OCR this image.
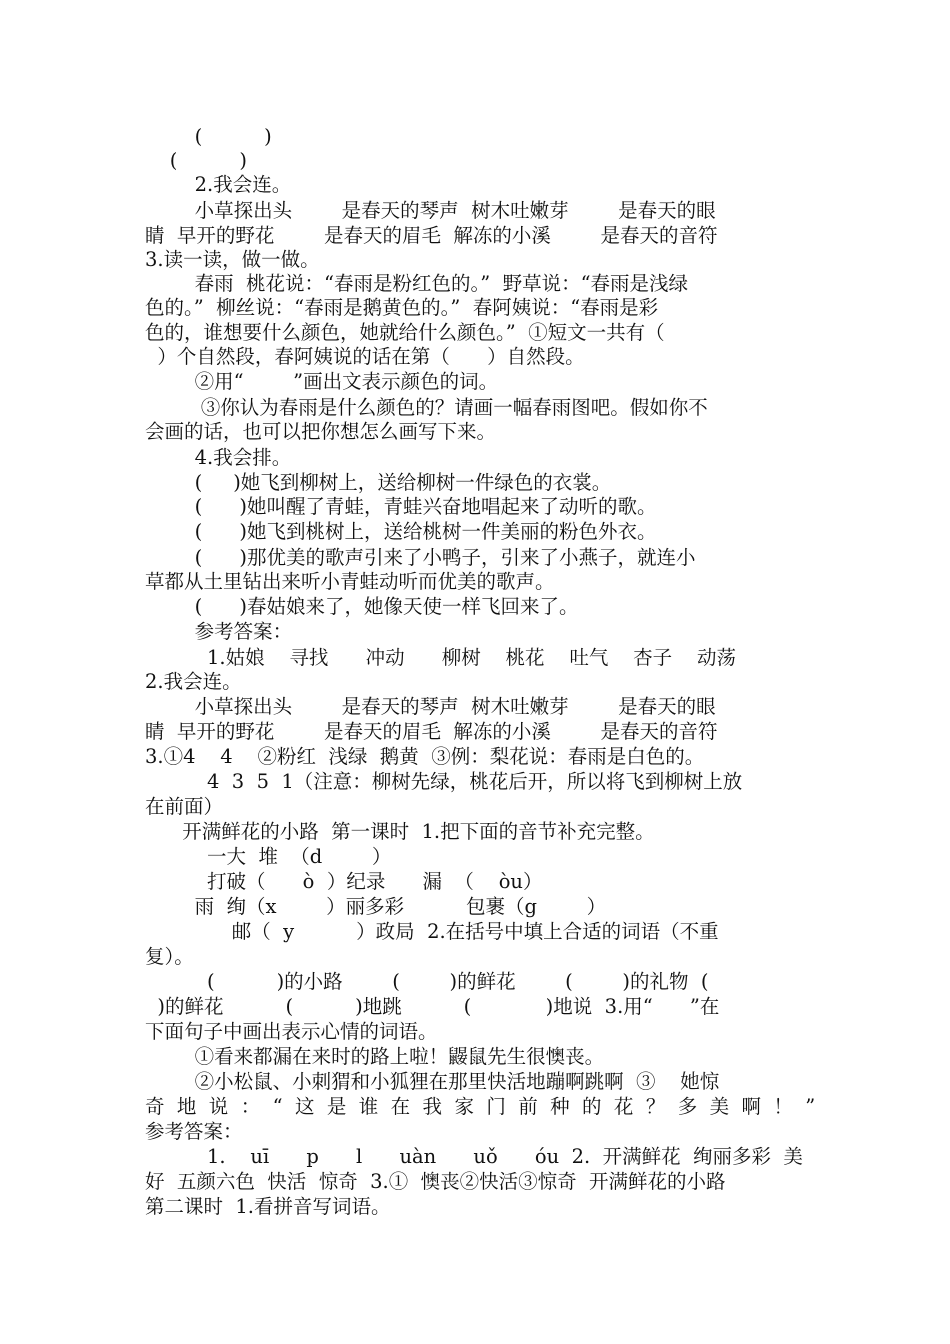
(          )
(          )
2.我会连。
小草探出头        是春天的琴声  树木吐嫩芽        是春天的眼
睛  早开的野花        是春天的眉毛  解冻的小溪        是春天的音符
3.读一读，做一做。
春雨  桃花说：“春雨是粉红色的。”  野草说：“春雨是浅绿
色的。”  柳丝说：“春雨是鹅黄色的。”  春阿姨说：“春雨是彩
色的，谁想要什么颜色，她就给什么颜色。”  ①短文一共有（
）个自然段，春阿姨说的话在第（      ）自然段。
②用“        ”画出文表示颜色的词。
③你认为春雨是什么颜色的？请画一幅春雨图吧。假如你不
会画的话，也可以把你想怎么画写下来。
4.我会排。
(     )她飞到柳树上，送给柳树一件绿色的衣裳。
(      )她叫醒了青蛙，青蛙兴奋地唱起来了动听的歌。
(      )她飞到桃树上，送给桃树一件美丽的粉色外衣。
(      )那优美的歌声引来了小鸭子，引来了小燕子，就连小
草都从土里钻出来听小青蛙动听而优美的歌声。
(      )春姑娘来了，她像天使一样飞回来了。
参考答案：
1.姑娘    寻找      冲动      柳树    桃花    吐气    杏子    动荡
2.我会连。
小草探出头        是春天的琴声  树木吐嫩芽        是春天的眼
睛  早开的野花        是春天的眉毛  解冻的小溪        是春天的音符
3.①4    4    ②粉红  浅绿  鹅黄  ③例：梨花说：春雨是白色的。
4  3  5  1（注意：柳树先绿，桃花后开，所以将飞到柳树上放
在前面）
开满鲜花的小路  第一课时  1.把下面的音节补充完整。
一大  堆  （d        ）
打破（      ò  ）纪录      漏  （    òu）
雨  绚（x        ）丽多彩          包裹（g        ）
邮（  y          ）政局  2.在括号中填上合适的词语（不重
复）。
(          )的小路        (        )的鲜花        (        )的礼物  (
)的鲜花          (          )地跳          (            )地说  3.用“      ”在
下面句子中画出表示心情的词语。
①看来都漏在来时的路上啦！鼹鼠先生很懊丧。
②小松鼠、小刺猬和小狐狸在那里快活地蹦啊跳啊  ③    她惊
奇  地  说  ：  “  这  是  谁  在  我  家  门  前  种  的  花  ？  多  美  啊  ！  ”
参考答案：
1.    uī      p      l      uàn      uǒ      óu  2.  开满鲜花  绚丽多彩  美
好  五颜六色  快活  惊奇  3.①  懊丧②快活③惊奇  开满鲜花的小路
第二课时  1.看拼音写词语。
